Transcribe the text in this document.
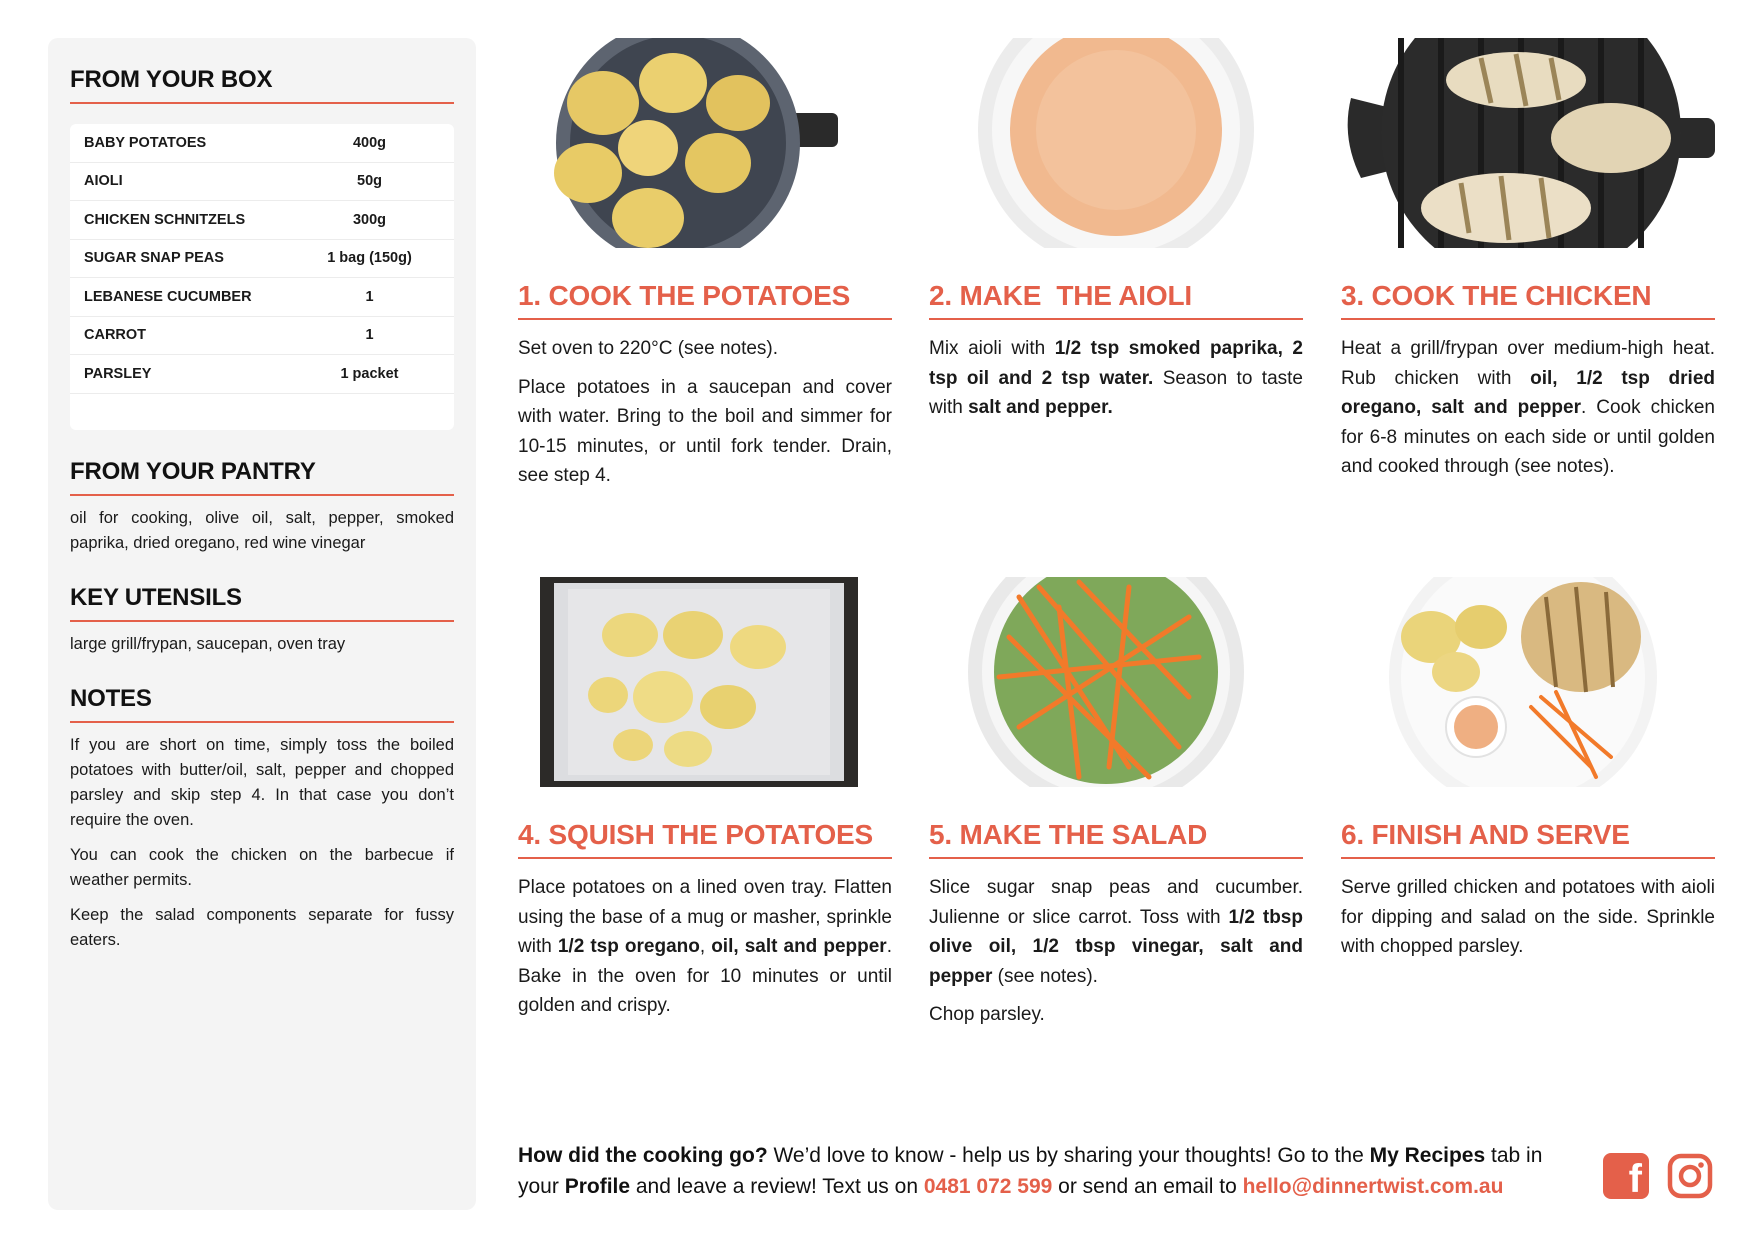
FROM YOUR BOX
BABY POTATOES	400g
AIOLI	50g
CHICKEN SCHNITZELS	300g
SUGAR SNAP PEAS	1 bag (150g)
LEBANESE CUCUMBER	1
CARROT	1
PARSLEY	1 packet
FROM YOUR PANTRY

oil for cooking, olive oil, salt, pepper, smoked paprika, dried oregano, red wine vinegar

KEY UTENSILS

large grill/frypan, saucepan, oven tray

NOTES

If you are short on time, simply toss the boiled potatoes with butter/oil, salt, pepper and chopped parsley and skip step 4. In that case you don’t require the oven.

You can cook the chicken on the barbecue if weather permits.

Keep the salad components separate for fussy eaters.

1. COOK THE POTATOES

Set oven to 220°C (see notes).

Place potatoes in a saucepan and cover with water. Bring to the boil and simmer for 10-15 minutes, or until fork tender. Drain, see step 4.

2. MAKE  THE AIOLI

Mix aioli with 1/2 tsp smoked paprika, 2 tsp oil and 2 tsp water. Season to taste with salt and pepper.

3. COOK THE CHICKEN

Heat a grill/frypan over medium-high heat. Rub chicken with oil, 1/2 tsp dried oregano, salt and pepper. Cook chicken for 6-8 minutes on each side or until golden and cooked through (see notes).

4. SQUISH THE POTATOES

Place potatoes on a lined oven tray. Flatten using the base of a mug or masher, sprinkle with 1/2 tsp oregano, oil, salt and pepper. Bake in the oven for 10 minutes or until golden and crispy.

5. MAKE THE SALAD

Slice sugar snap peas and cucumber. Julienne or slice carrot. Toss with 1/2 tbsp olive oil, 1/2 tbsp vinegar, salt and pepper (see notes).

Chop parsley.

6. FINISH AND SERVE

Serve grilled chicken and potatoes with aioli for dipping and salad on the side. Sprinkle with chopped parsley.

How did the cooking go? We’d love to know - help us by sharing your thoughts! Go to the My Recipes tab in your Profile and leave a review! Text us on 0481 072 599 or send an email to hello@dinnertwist.com.au	f
